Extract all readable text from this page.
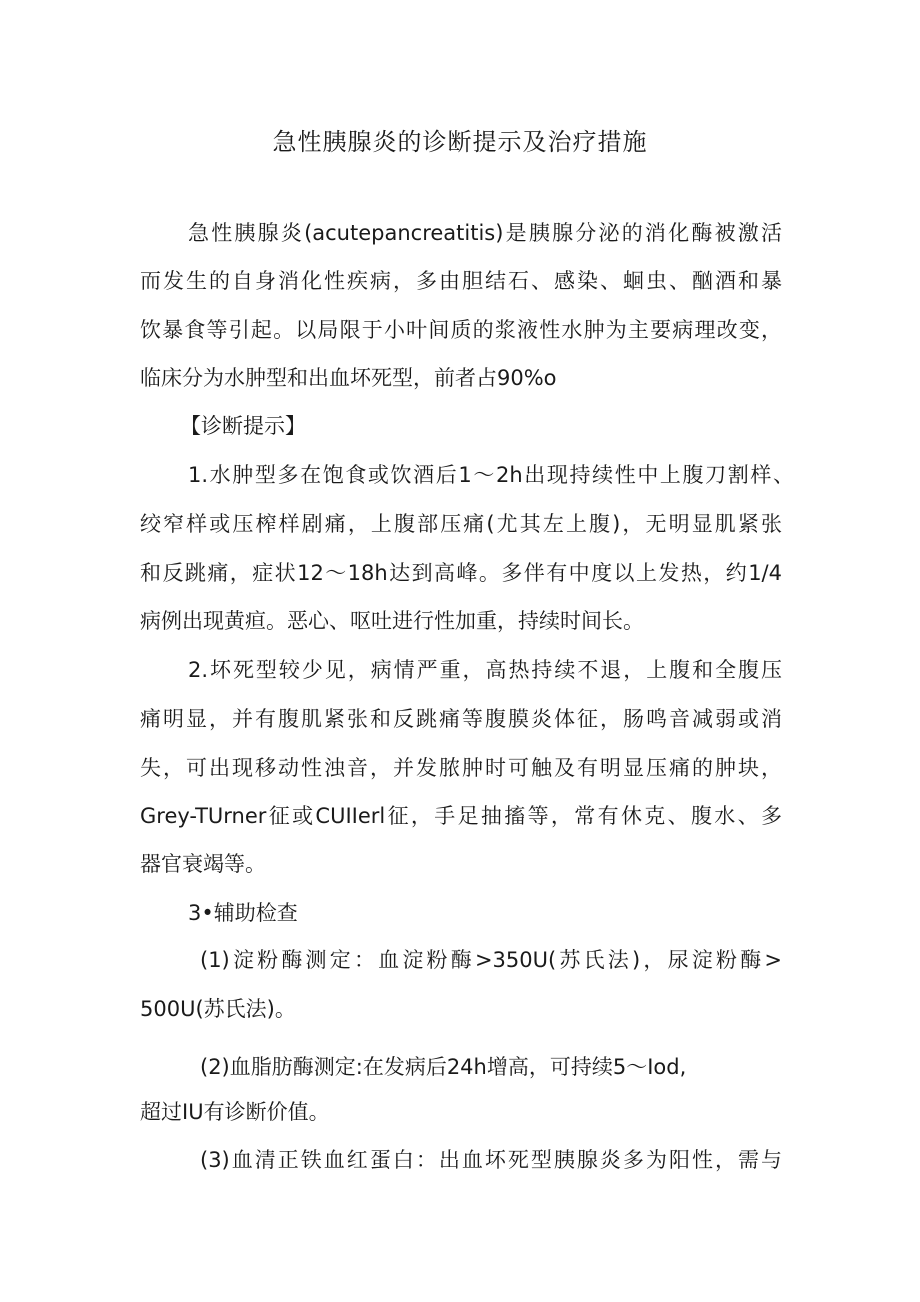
急性胰腺炎的诊断提示及治疗措施
急性胰腺炎(acutepancreatitis)是胰腺分泌的消化酶被激活
而发生的自身消化性疾病，多由胆结石、感染、蛔虫、酗酒和暴
饮暴食等引起。以局限于小叶间质的浆液性水肿为主要病理改变，
临床分为水肿型和出血坏死型，前者占90%o
【诊断提示】
1.水肿型多在饱食或饮酒后1〜2h出现持续性中上腹刀割样、
绞窄样或压榨样剧痛，上腹部压痛(尤其左上腹)，无明显肌紧张
和反跳痛，症状12〜18h达到高峰。多伴有中度以上发热，约1/4
病例出现黄疸。恶心、呕吐进行性加重，持续时间长。
2.坏死型较少见，病情严重，高热持续不退，上腹和全腹压
痛明显，并有腹肌紧张和反跳痛等腹膜炎体征，肠鸣音减弱或消
失，可出现移动性浊音，并发脓肿时可触及有明显压痛的肿块，
Grey-TUrner征或CUIIerl征，手足抽搐等，常有休克、腹水、多
器官衰竭等。
3•辅助检查
(1)淀粉酶测定：血淀粉酶>350U(苏氏法)，尿淀粉酶>
500U(苏氏法)。
(2)血脂肪酶测定:在发病后24h增高，可持续5〜Iod,
超过IU有诊断价值。
(3)血清正铁血红蛋白：出血坏死型胰腺炎多为阳性，需与
